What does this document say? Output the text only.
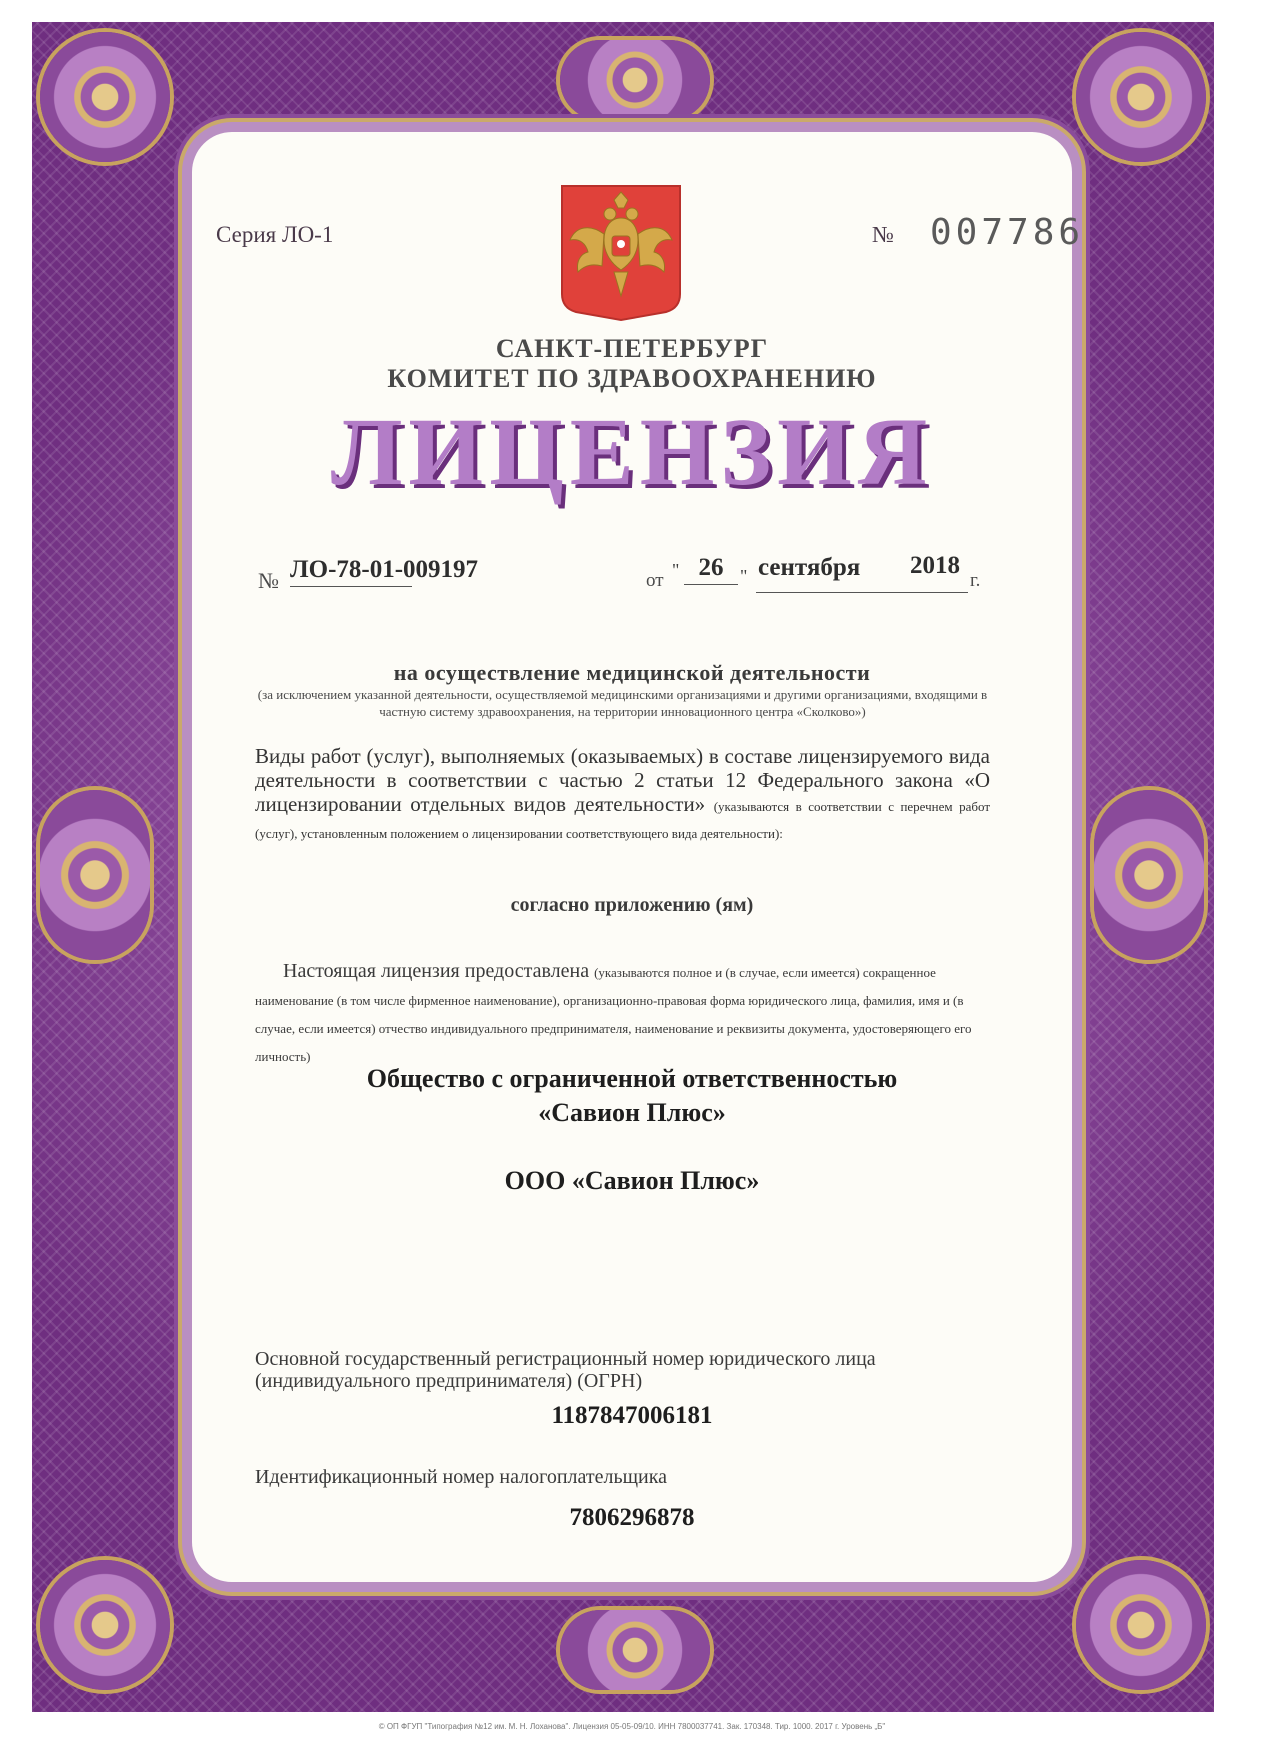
Серия ЛО-1	№ 007786
САНКТ-ПЕТЕРБУРГ
КОМИТЕТ ПО ЗДРАВООХРАНЕНИЮ
ЛИЦЕНЗИЯ
№ ЛО-78-01-009197	от " 26 " сентября	2018
г.
на осуществление медицинской деятельности
(за исключением указанной деятельности, осуществляемой медицинскими организациями и другими организациями, входящими в частную систему здравоохранения, на территории инновационного центра «Сколково»)
Виды работ (услуг), выполняемых (оказываемых) в составе лицензируемого вида деятельности в соответствии с частью 2 статьи 12 Федерального закона «О лицензировании отдельных видов деятельности» (указываются в соответствии с перечнем работ (услуг), установленным положением о лицензировании соответствующего вида деятельности):
согласно приложению (ям)
Настоящая лицензия предоставлена (указываются полное и (в случае, если имеется) сокращенное наименование (в том числе фирменное наименование), организационно-правовая форма юридического лица, фамилия, имя и (в случае, если имеется) отчество индивидуального предпринимателя, наименование и реквизиты документа, удостоверяющего его личность)
Общество с ограниченной ответственностью
«Савион Плюс»
ООО «Савион Плюс»
Основной государственный регистрационный номер юридического лица (индивидуального предпринимателя) (ОГРН)
1187847006181
Идентификационный номер налогоплательщика
7806296878
© ОП ФГУП "Типография №12 им. М. Н. Лоханова". Лицензия 05-05-09/10. ИНН 7800037741. Зак. 170348. Тир. 1000. 2017 г. Уровень „Б"
